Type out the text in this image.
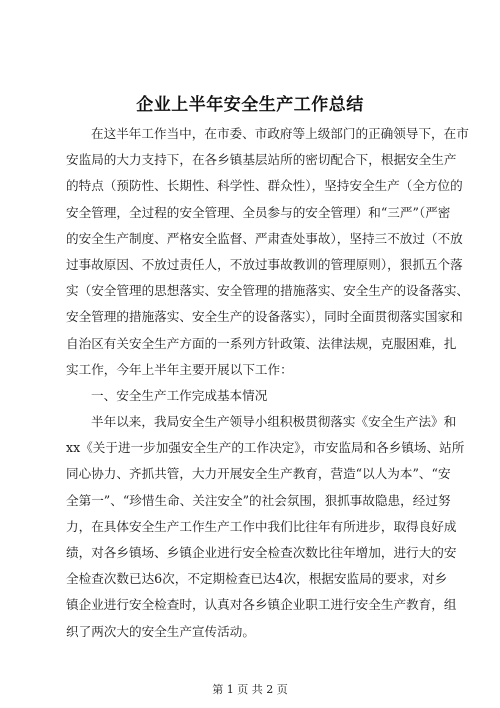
企业上半年安全生产工作总结
在这半年工作当中，在市委、市政府等上级部门的正确领导下，在市
安监局的大力支持下，在各乡镇基层站所的密切配合下，根据安全生产
的特点（预防性、长期性、科学性、群众性），坚持安全生产（全方位的
安全管理，全过程的安全管理、全员参与的安全管理）和“三严”（严密
的安全生产制度、严格安全监督、严肃查处事故），坚持三不放过（不放
过事故原因、不放过责任人，不放过事故教训的管理原则），狠抓五个落
实（安全管理的思想落实、安全管理的措施落实、安全生产的设备落实、
安全管理的措施落实、安全生产的设备落实），同时全面贯彻落实国家和
自治区有关安全生产方面的一系列方针政策、法律法规，克服困难，扎
实工作，今年上半年主要开展以下工作：
一、安全生产工作完成基本情况
半年以来，我局安全生产领导小组积极贯彻落实《安全生产法》和
xx《关于进一步加强安全生产的工作决定》，市安监局和各乡镇场、站所
同心协力、齐抓共管，大力开展安全生产教育，营造“以人为本”、“安
全第一”、“珍惜生命、关注安全”的社会氛围，狠抓事故隐患，经过努
力，在具体安全生产工作生产工作中我们比往年有所进步，取得良好成
绩，对各乡镇场、乡镇企业进行安全检查次数比往年增加，进行大的安
全检查次数已达6次，不定期检查已达4次，根据安监局的要求，对乡
镇企业进行安全检查时，认真对各乡镇企业职工进行安全生产教育，组
织了两次大的安全生产宣传活动。
第 1 页 共 2 页
